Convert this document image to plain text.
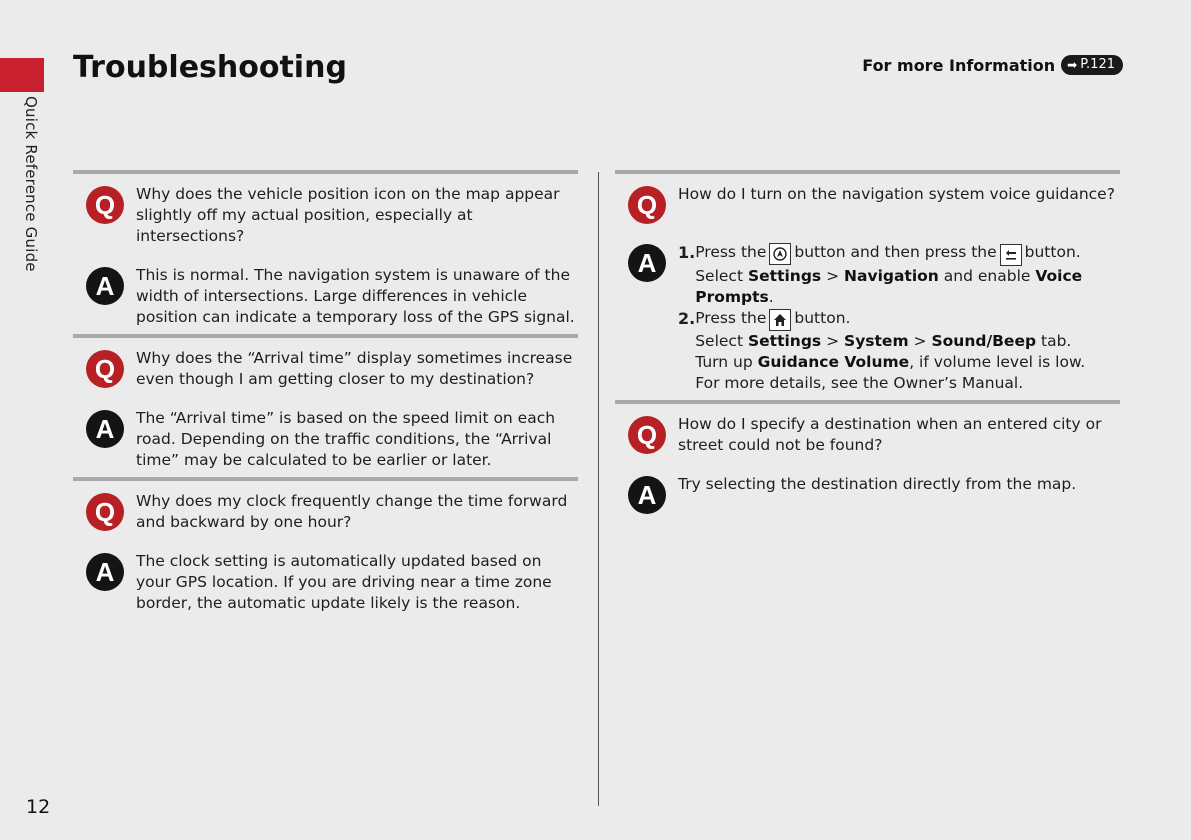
Quick Reference Guide
Troubleshooting	For more Information ➡ P.121
Q	Why does the vehicle position icon on the map appear slightly off my actual position, especially at intersections?
A	This is normal. The navigation system is unaware of the width of intersections. Large differences in vehicle position can indicate a temporary loss of the GPS signal.
Q	Why does the “Arrival time” display sometimes increase even though I am getting closer to my destination?
A	The “Arrival time” is based on the speed limit on each road. Depending on the traffic conditions, the “Arrival time” may be calculated to be earlier or later.
Q	Why does my clock frequently change the time forward and backward by one hour?
A	The clock setting is automatically updated based on your GPS location. If you are driving near a time zone border, the automatic update likely is the reason.
Q	How do I turn on the navigation system voice guidance?
A	1. Press the button and then press the button.
Select Settings > Navigation and enable Voice Prompts.
2. Press the button.
Select Settings > System > Sound/Beep tab.
Turn up Guidance Volume, if volume level is low.
For more details, see the Owner’s Manual.
Q	How do I specify a destination when an entered city or street could not be found?
A	Try selecting the destination directly from the map.
12
